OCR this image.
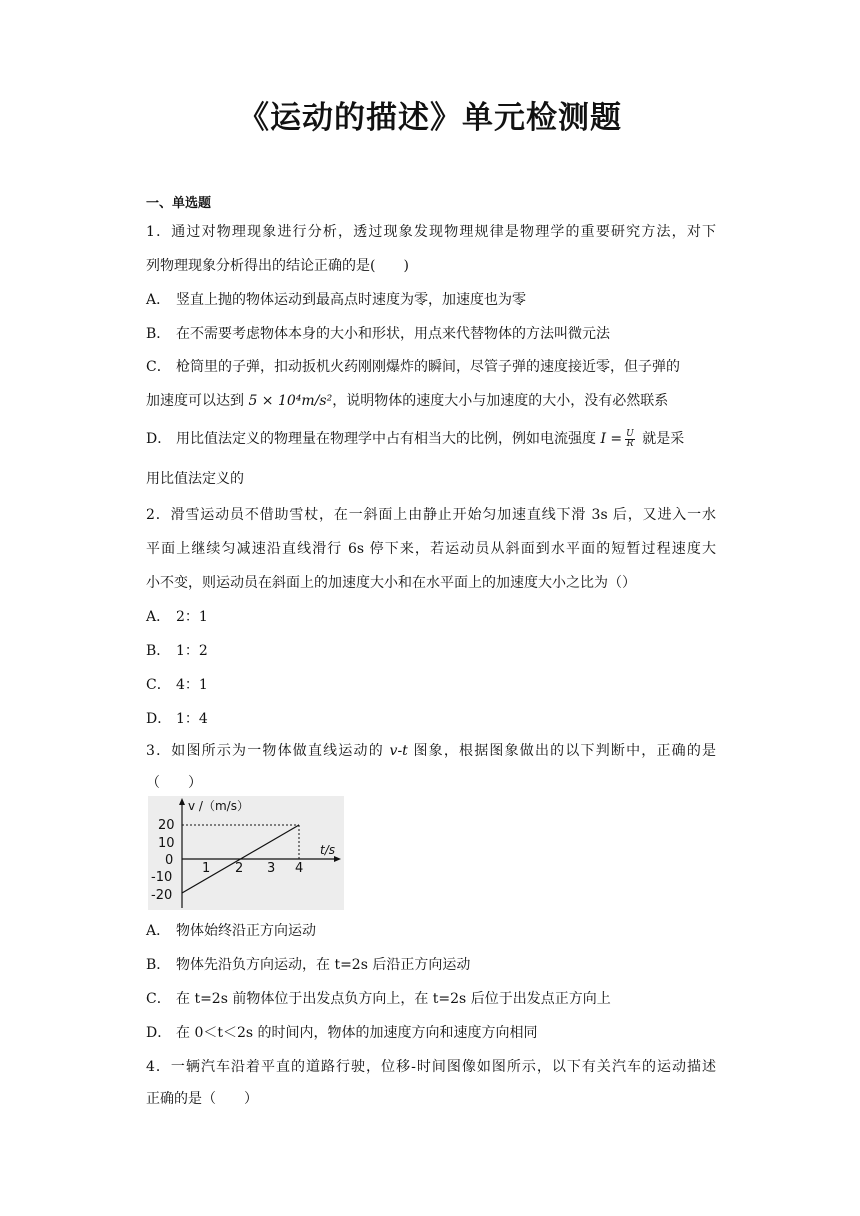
《运动的描述》单元检测题
一、单选题
1．通过对物理现象进行分析，透过现象发现物理规律是物理学的重要研究方法，对下
列物理现象分析得出的结论正确的是(　　)
A． 竖直上抛的物体运动到最高点时速度为零，加速度也为零
B． 在不需要考虑物体本身的大小和形状，用点来代替物体的方法叫微元法
C． 枪筒里的子弹，扣动扳机火药刚刚爆炸的瞬间，尽管子弹的速度接近零，但子弹的
加速度可以达到 5 × 10⁴m/s²，说明物体的速度大小与加速度的大小，没有必然联系
D． 用比值法定义的物理量在物理学中占有相当大的比例，例如电流强度 $I = \frac{U}{R}$ 就是采
用比值法定义的
2．滑雪运动员不借助雪杖，在一斜面上由静止开始匀加速直线下滑 3s 后，又进入一水
平面上继续匀减速沿直线滑行 6s 停下来，若运动员从斜面到水平面的短暂过程速度大
小不变，则运动员在斜面上的加速度大小和在水平面上的加速度大小之比为（）
A． 2：1
B． 1：2
C． 4：1
D． 1：4
3．如图所示为一物体做直线运动的 v-t 图象，根据图象做出的以下判断中，正确的是
（　　）
v /（m/s）
t/s
20
10
0
-10
-20
1 2 3 4
A． 物体始终沿正方向运动
B． 物体先沿负方向运动，在 t=2s 后沿正方向运动
C． 在 t=2s 前物体位于出发点负方向上，在 t=2s 后位于出发点正方向上
D． 在 0＜t＜2s 的时间内，物体的加速度方向和速度方向相同
4．一辆汽车沿着平直的道路行驶，位移-时间图像如图所示，以下有关汽车的运动描述
正确的是（　　）
